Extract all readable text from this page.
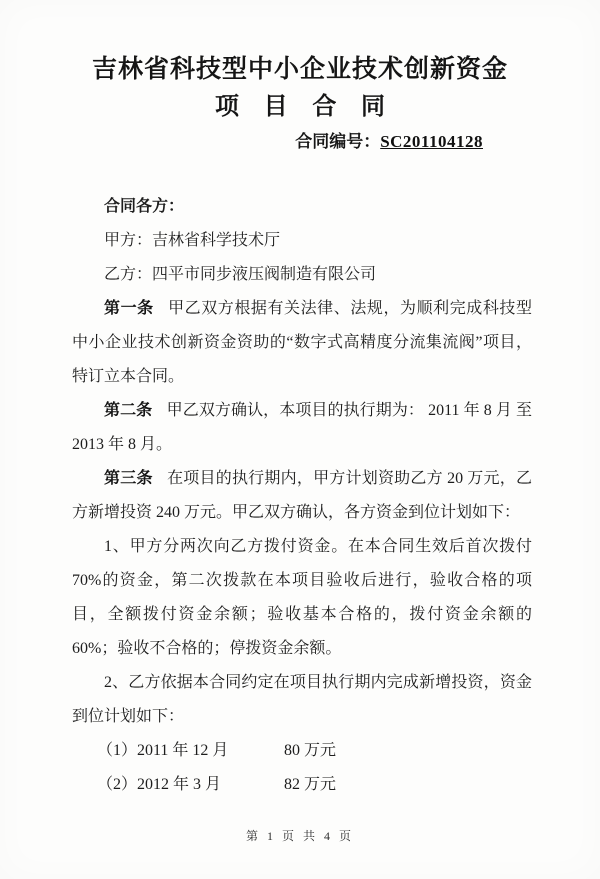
吉林省科技型中小企业技术创新资金
项 目 合 同
合同编号：SC201104128

合同各方：

甲方：吉林省科学技术厅

乙方：四平市同步液压阀制造有限公司

第一条 甲乙双方根据有关法律、法规，为顺利完成科技型中小企业技术创新资金资助的“数字式高精度分流集流阀”项目，特订立本合同。

第二条 甲乙双方确认，本项目的执行期为： 2011 年 8 月 至 2013 年 8 月。

第三条 在项目的执行期内，甲方计划资助乙方 20 万元，乙方新增投资 240 万元。甲乙双方确认，各方资金到位计划如下：

1、甲方分两次向乙方拨付资金。在本合同生效后首次拨付 70%的资金，第二次拨款在本项目验收后进行，验收合格的项目，全额拨付资金余额；验收基本合格的，拨付资金余额的 60%；验收不合格的；停拨资金余额。

2、乙方依据本合同约定在项目执行期内完成新增投资，资金到位计划如下：

（1）2011 年 12 月	80 万元

（2）2012 年 3 月	82 万元

第 1 页 共 4 页
